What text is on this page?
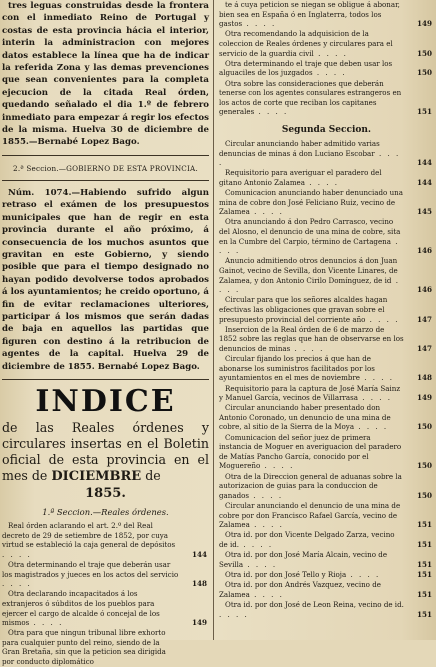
tres leguas construidas desde la frontera con el inmediato Reino de Portugal y costas de esta provincia hácia el interior, interin la administracion con mejores datos establece la línea que ha de indicar la referida Zona y las demas prevenciones que sean convenientes para la completa ejecucion de la citada Real órden, quedando señalado el dia 1.º de febrero inmediato para empezar á regir los efectos de la misma. Huelva 30 de diciembre de 1855.—Bernabé Lopez Bago.

2.ª Seccion.—GOBIERNO DE ESTA PROVINCIA.

Núm. 1074.—Habiendo sufrido algun retraso el exámen de los presupuestos municipales que han de regir en esta provincia durante el año próximo, á consecuencia de los muchos asuntos que gravitan en este Gobierno, y siendo posible que para el tiempo designado no hayan podido devolverse todos aprobados á los ayuntamientos; he creido oportuno, á fin de evitar reclamaciones ulteriores, participar á los mismos que serán dadas de baja en aquellos las partidas que figuren con destino á la retribucion de agentes de la capital. Huelva 29 de diciembre de 1855. Bernabé Lopez Bago.

INDICE

de las Reales órdenes y circulares insertas en el Boletin oficial de esta provincia en el mes de DICIEMBRE de

1855.
1.ª Seccion.—Reales órdenes.
Real órden aclarando el art. 2.º del Real decreto de 29 de setiembre de 1852, por cuya virtud se estableció la caja general de depósitos . . . .	144
Otra determinando el traje que deberán usar los magistrados y jueces en los actos del servicio . . . .	148
Otra declarando incapacitados á los extranjeros ó súbditos de los pueblos para ejercer el cargo de alcalde ó concejal de los mismos . . . .	149
Otra para que ningun tribunal libre exhorto para cualquier punto del reino, siendo de la Gran Bretaña, sin que la peticion sea dirigida por conducto diplomático
te á cuya peticion se niegan se obligue á abonar, bien sea en España ó en Inglaterra, todos los gastos . . . .	149
Otra recomendando la adquisicion de la coleccion de Reales órdenes y circulares para el servicio de la guardia civil . . . .	150
Otra determinando el traje que deben usar los alguaciles de los juzgados . . . .	150
Otra sobre las consideraciones que deberán tenerse con los agentes consulares estrangeros en los actos de corte que reciban los capitanes generales . . . .	151
Segunda Seccion.
Circular anunciando haber admitido varias denuncias de minas á don Luciano Escobar . . . .	144
Requisitorio para averiguar el paradero del gitano Antonio Zalamea . . . .	144
Comunicacion anunciando haber denunciado una mina de cobre don José Feliciano Ruiz, vecino de Zalamea . . . .	145
Otra anunciando á don Pedro Carrasco, vecino del Alosno, el denuncio de una mina de cobre, sita en la Cumbre del Carpio, término de Cartagena . . . .	146
Anuncio admitiendo otros denuncios á don Juan Gainot, vecino de Sevilla, don Vicente Linares, de Zalamea, y don Antonio Cirilo Domínguez, de id . . . .	146
Circular para que los señores alcaldes hagan efectivas las obligaciones que gravan sobre el presupuesto provincial del corriente año . . . .	147
Insercion de la Real órden de 6 de marzo de 1852 sobre las reglas que han de observarse en los denuncios de minas . . . .	147
Circular fijando los precios á que han de abonarse los suministros facilitados por los ayuntamientos en el mes de noviembre . . . .	148
Requisitorio para la captura de José María Sainz y Manuel García, vecinos de Villarrasa . . . .	149
Circular anunciando haber presentado don Antonio Coronado, un denuncio de una mina de cobre, al sitio de la Sierra de la Moya . . . .	150
Comunicacion del señor juez de primera instancia de Moguer en averiguacion del paradero de Matías Pancho García, conocido por el Moguereño . . . .	150
Otra de la Direccion general de aduanas sobre la autorizacion de guias para la conduccion de ganados . . . .	150
Circular anunciando el denuncio de una mina de cobre por don Francisco Rafael García, vecino de Zalamea . . . .	151
Otra id. por don Vicente Delgado Zarza, vecino de id. . . . .	151
Otra id. por don José María Alcain, vecino de Sevilla . . . .	151
Otra id. por don José Tello y Rioja . . . .	151
Otra id. por don Andrés Vazquez, vecino de Zalamea . . . .	151
Otra id. por don José de Leon Reina, vecino de id. . . . .	151
